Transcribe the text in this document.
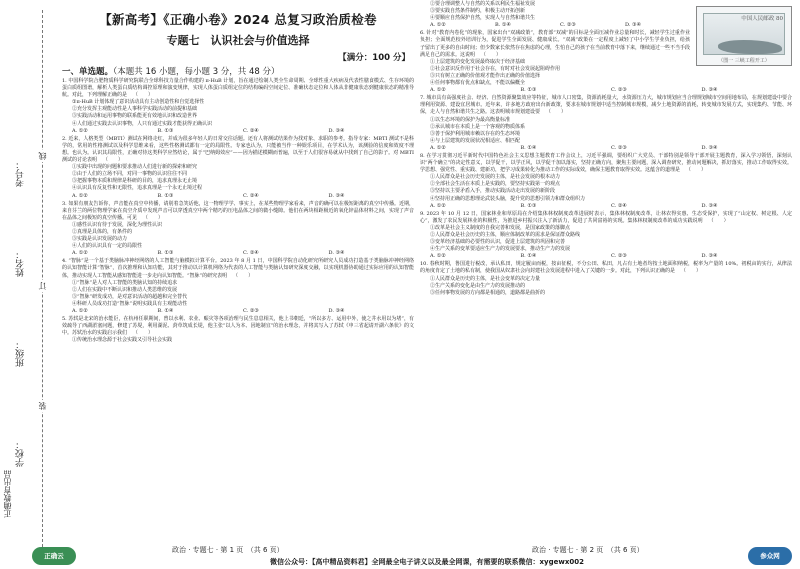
考号：
姓名：
班级：
学校：
正确教育出品
线
订
装
【新高考】《正确小卷》2024 总复习政治质检卷
专题七　认识社会与价值选择
【满分：100 分】
一、单选题。（本题共 16 小题，每小题 3 分，共 48 分）
1. 中国科学院合肥物质科学研究院联合全球科技力量合作构建的 π-HuB 计划，旨在通过绘制人类全生命周期、全球性重大疾病及代表性膳食模式、生存环境的蛋白质组图谱，解析人类蛋白质结构调控原理和演变规律，实现人体蛋白质组定位的结构编码空间定位、准确状态定位和人体从非健康状态到健康状态的精准导航。对此，下列理解正确的是 （　　）
①π-HuB 计划体现了意识活动具有主动创造性和自觉选择性
②充分发挥主观能动性是人事科学实践活动的前提和基础
③实践活动和运用事物的联系能更有效地认识和改造世界
④人们通过实践去认识事物，人只有通过实践才能获得正确认识
A. ①②	B. ①③	C. ②④	D. ③④
2. 近来，人格类型（MBTI）测试在网络走红，并成为很多年轻人的日常交往话题。还有人将测试结果作为找对象、求职的参考。指导专家：MBTI 测试不是科学的，常用的性格测试以及科学思维来看，这些性格测试都有一定的局限性。专家也认为，只能被当作一种娱乐项目，在学术认为，该测验的信度和效度不理想。也认为。认识其局限性，正确对待这类科学应然结论，属于“巴纳姆效应”——因为描述模糊而普遍，以至于人们很容易就从中找到了自己的影子。对 MBTI 测试的讨论表明 （　　）
①实践中出现的问题和要求推动人们进行新的探索和研究
②由于人们的立场不同，对同一事物的认识往往不同
③把握事物本质和规律是科研的目的，追求真理永无止境
④认识具有反复性和无限性，追求真理是一个永无止境过程
A. ①②	B. ①③	C. ②④	D. ③④
3. 如果有朋友告诉你，声音能在真空中传播，请别着急笑话他，这一物理学学、事实上，在某些物理学家看来，声音的确可以在极短距离的真空中传播。近期，来自芬兰的两位物理学家在真空介质中发现声音可以穿透真空中两个精巧的压电晶体之间的微小缝隙。他们在两块相距极近的氧化锌晶体材料之间，实现了声音在晶体之间极短的真空传播。可见 （　　）
①感性认识有待于发展，深化为理性认识
②真理是具体的，有条件的
③实践是认识发展的动力
④人们的认识具有一定的局限性
A. ①②	B. ①③	C. ②④	D. ③④
4. “智脉”是一个基于类脑脉冲神经网络的人工智能与脑模拟计算平台。2023 年 8 月 1 日，中国科学院自动化研究所研究人员成功打造基于类脑脉冲神经网络的认知智能计算“智脉”，首次推理和认知功能，其对于推动以计算机网络为代表的人工智能与类脑认知研究深度交融，以实现机器协助通过实际应用的认知智能体，推动实现人工智能从感知智能进一步走向认知智能。“智脉”的研究表明 （　　）
①“智脉”是人对人工智能的类脑认知的持续追求
②人们在实践中不断认识和推动人类思维的发展
③“智脉”研发成功，是对意识活动的超越和完全替代
④科研人员成功打造“智脉”说明实践具有主观能动性
A. ①②	B. ①④	C. ②③	D. ③④
5. 苏轼是北宋的治水能臣，在杭州任职期间，曾以水利、农业、赈灾等各项治理与民生息息相关，他上书朝廷，“所以多方、运用中外，使之井水用以为堵”，有效疏导了西湖淤塞问题，修建了苏堤，利用湖泥、葑草筑成长堤，他主张“以人为本、因地制宜”的治水理念，并将其写入了苏轼《申三省起请开湖六条状》的文中。苏轼治水的实践启示我们 （　　）
①传统治水理念源于社会实践又引导社会实践
中国人民邮政 80
（图一 三峡工程开工）
②要合理调整人与自然的关系以利民生福祉发展
③要实践自然条件制约，积极主动开拓创新
④要顺应自然保护自然，实现人与自然和谐共生
A. ①②	B. ①④	C. ②③	D. ③④
6. 针对“教育内卷化”的现象，国家出台“双减政策”，教育部“双减”的目标是全面压减作业总量和时长，减轻学生过重作业负担；全面规范校外培训行为，促进学生全面发展、健康成长。“双减”政策在一定程度上减轻了中小学生学业负担，给孩子留出了更多的自由时间；但少数家长依然存在焦虑的心理，生怕自己的孩子在当前教育中落下来，继续通过一些不当手段满足自己的需求。这说明 （　　）
①上层建筑的变化发展最终取决于经济基础
②社会意识反作用于社会存在，有时对社会发展起阻碍作用
③只有树立正确的价值观才能作出正确的价值选择
④任何事物都有优点和缺点，不能以偏概全
A. ①②	B. ①③	C. ②③	D. ③④
7. 城市具有高强度社会、经济、自然资源聚集效应等特征，城市人口密集，资源消耗量大，水资源压力大，城市规划应当合理规划城市空间用地布局，在规划建设中要合理利用资源、建设宜居城市。近年来，许多地方政府出台新政策，要求在城市规划中适当控制城市规模，减少土地资源的消耗，转变城市发展方式，实现集约、节能、环保，走人与自然和谐共生之路。这表明城市规划建设要 （　　）
①以生态环境的保护为最高衡量标准
②承认城市在本质上是一个客观的物质体系
③善于保护利用城市赖以存在的生态环境
④与上层建筑的发展状况相适应、相匹配
A. ①②	B. ①④	C. ②③	D. ③④
8. 在学习贯彻习近平新时代中国特色社会主义思想主题教育工作会议上，习近平强调，要组织广大党员、干部特别是领导干部开展主题教育，深入学习领悟，深刻认识“两个确立”的决定性意义，以学促干，以学正风，以学促干加以落实，坚持正确方向，聚焦主要问题，深入调查研究，推动问题解决，抓好落实，推动工作取得实效。学思想、强党性、重实践、建新功，把学习成果转化为推动工作的实际成效，确保主题教育取得实效。这蕴含的道理是 （　　）
①人民群众是社会历史发展的主体，是社会发展的根本动力
②全部社会生活在本质上是实践的，要坚持实践第一的观点
③坚持以主要矛盾入手，推动实践活动走出发展的新阶段
④坚持用正确的思想理论武装头脑，提升党的思想引领力和群众组织力
A. ①②	B. ①③	C. ②④	D. ③④
9. 2023 年 10 月 12 日，国家林业和草原局在介绍集体林权制度改革进展时表示，集体林权制度改革，让林农得实惠、生态受保护，实现了“山定权、树定根、人定心”，激发了农民发展林业的积极性，为推进乡村振兴注入了新活力，促进了共同富裕的实现。集体林权制度改革的成功实践说明 （　　）
①改革是社会主义制度的自我完善和发展，是国家政策的落脚点
②人民群众是社会历史的主体，顺应体制改革的需求是保证群众路线
③变革经济基础的必要性的认识，促进上层建筑的巩固和完善
④生产关系的变革要适应生产力的发展要求，推动生产力的发展
A. ①②	B. ①④	C. ②③	D. ③④
10. 春秋时期，鲁国进行税改，承认私田，规定履亩而税，按亩征税，不分公田、私田，凡占有土地者均按土地面积纳税，税率为产量的 10%。初税亩的实行，从律法的角度肯定了土地的私有制，使我国从奴隶社会向封建社会发展进程中进入了关键的一步。对此，下列认识正确的是 （　　）
①人民群众是历史的主体，是社会变革的决定力量
②生产关系的变化是由生产力的发展推动的
③任何事物发展的方向都是相通的，道路都是曲折的
正确云
政治 · 专题七 · 第 1 页　（共 6 页）	政治 · 专题七 · 第 2 页　（共 6 页）
微信公众号：【高中精品资料君】全网最全电子讲义以及最全网课，有需要的联系微信：xygewx002
参众网
